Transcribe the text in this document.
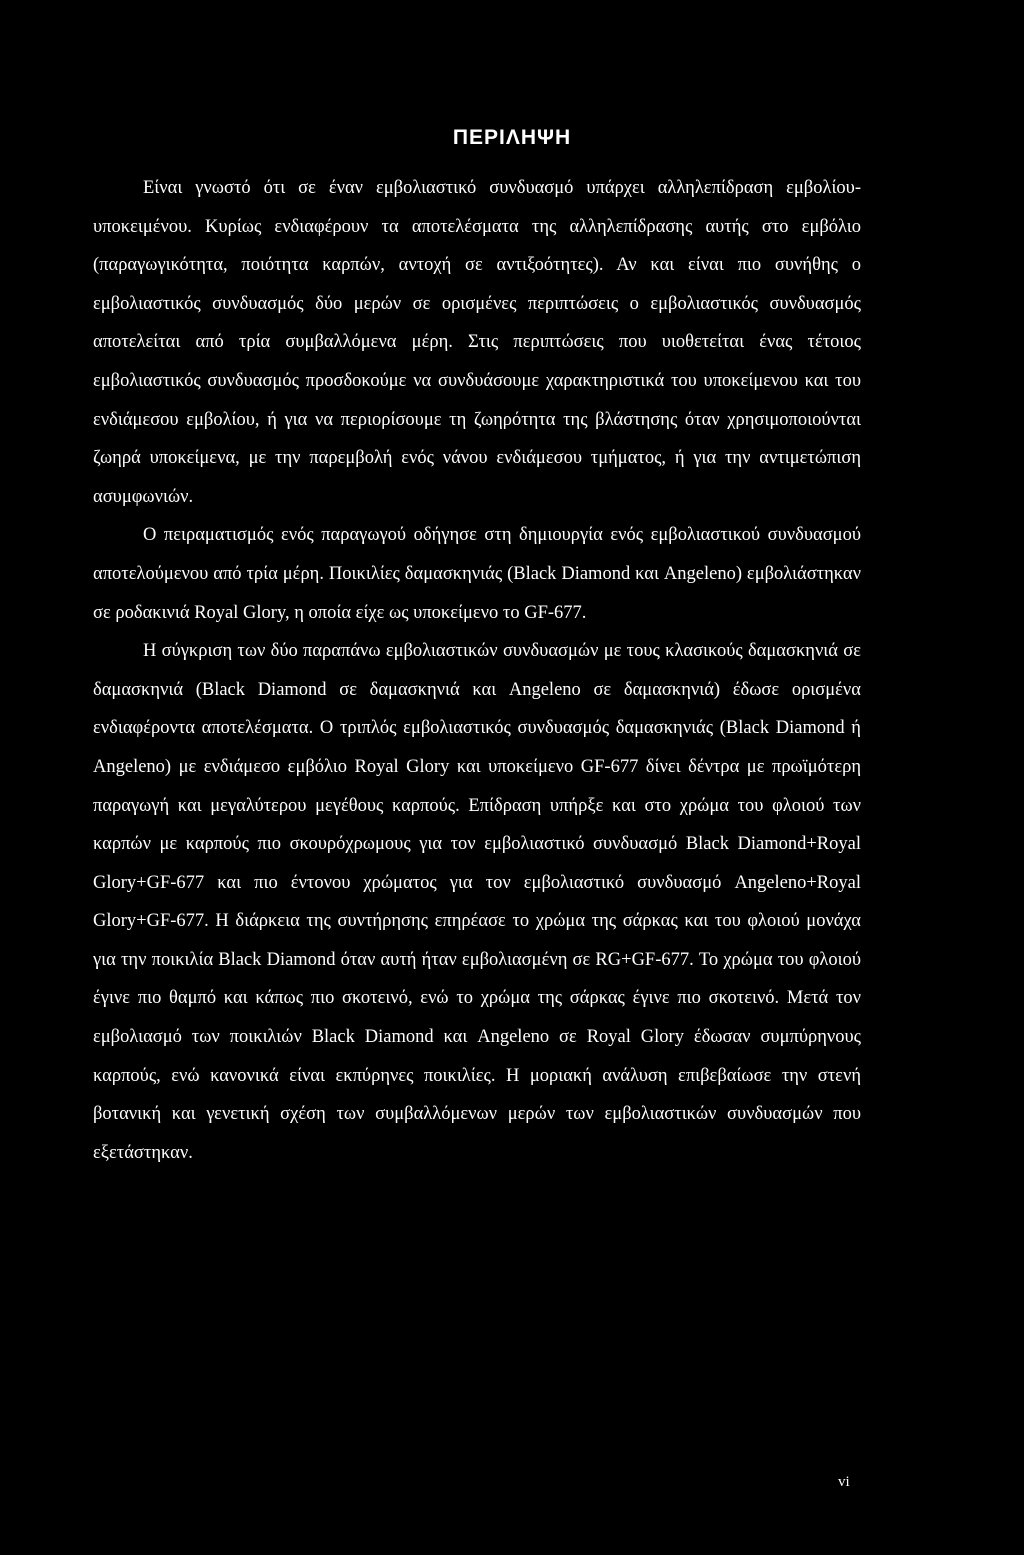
ΠΕΡΙΛΗΨΗ

Είναι γνωστό ότι σε έναν εμβολιαστικό συνδυασμό υπάρχει αλληλεπίδραση εμβολίου-υποκειμένου. Κυρίως ενδιαφέρουν τα αποτελέσματα της αλληλεπίδρασης αυτής στο εμβόλιο (παραγωγικότητα, ποιότητα καρπών, αντοχή σε αντιξοότητες). Αν και είναι πιο συνήθης ο εμβολιαστικός συνδυασμός δύο μερών σε ορισμένες περιπτώσεις ο εμβολιαστικός συνδυασμός αποτελείται από τρία συμβαλλόμενα μέρη. Στις περιπτώσεις που υιοθετείται ένας τέτοιος εμβολιαστικός συνδυασμός προσδοκούμε να συνδυάσουμε χαρακτηριστικά του υποκείμενου και του ενδιάμεσου εμβολίου, ή για να περιορίσουμε τη ζωηρότητα της βλάστησης όταν χρησιμοποιούνται ζωηρά υποκείμενα, με την παρεμβολή ενός νάνου ενδιάμεσου τμήματος, ή για την αντιμετώπιση ασυμφωνιών.

Ο πειραματισμός ενός παραγωγού οδήγησε στη δημιουργία ενός εμβολιαστικού συνδυασμού αποτελούμενου από τρία μέρη. Ποικιλίες δαμασκηνιάς (Black Diamond και Angeleno) εμβολιάστηκαν σε ροδακινιά Royal Glory, η οποία είχε ως υποκείμενο το GF-677.

Η σύγκριση των δύο παραπάνω εμβολιαστικών συνδυασμών με τους κλασικούς δαμασκηνιά σε δαμασκηνιά (Black Diamond σε δαμασκηνιά και Angeleno σε δαμασκηνιά) έδωσε ορισμένα ενδιαφέροντα αποτελέσματα. Ο τριπλός εμβολιαστικός συνδυασμός δαμασκηνιάς (Black Diamond ή Angeleno) με ενδιάμεσο εμβόλιο Royal Glory και υποκείμενο GF-677 δίνει δέντρα με πρωϊμότερη παραγωγή και μεγαλύτερου μεγέθους καρπούς. Επίδραση υπήρξε και στο χρώμα του φλοιού των καρπών με καρπούς πιο σκουρόχρωμους για τον εμβολιαστικό συνδυασμό Black Diamond+Royal Glory+GF-677 και πιο έντονου χρώματος για τον εμβολιαστικό συνδυασμό Angeleno+Royal Glory+GF-677. Η διάρκεια της συντήρησης επηρέασε το χρώμα της σάρκας και του φλοιού μονάχα για την ποικιλία Black Diamond όταν αυτή ήταν εμβολιασμένη σε RG+GF-677. Το χρώμα του φλοιού έγινε πιο θαμπό και κάπως πιο σκοτεινό, ενώ το χρώμα της σάρκας έγινε πιο σκοτεινό. Μετά τον εμβολιασμό των ποικιλιών Black Diamond και Angeleno σε Royal Glory έδωσαν συμπύρηνους καρπούς, ενώ κανονικά είναι εκπύρηνες ποικιλίες. Η μοριακή ανάλυση επιβεβαίωσε την στενή βοτανική και γενετική σχέση των συμβαλλόμενων μερών των εμβολιαστικών συνδυασμών που εξετάστηκαν.

vi
